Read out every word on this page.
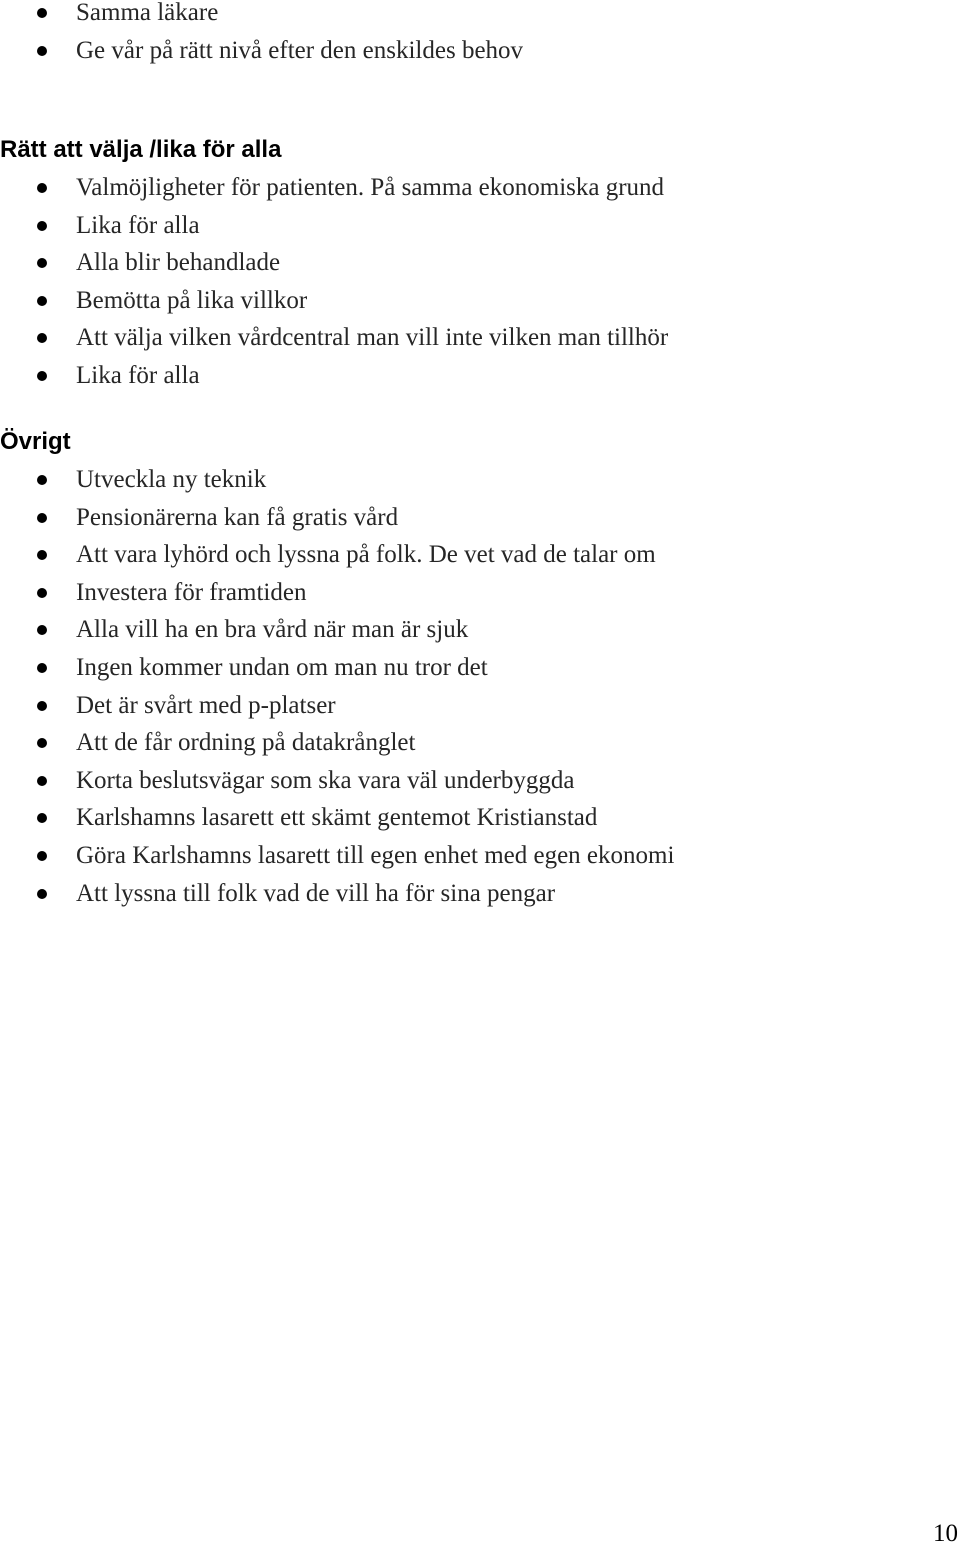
Samma läkare
Ge vår på rätt nivå efter den enskildes behov
Rätt att välja /lika för alla
Valmöjligheter för patienten. På samma ekonomiska grund
Lika för alla
Alla blir behandlade
Bemötta på lika villkor
Att välja vilken vårdcentral man vill inte vilken man tillhör
Lika för alla
Övrigt
Utveckla ny teknik
Pensionärerna kan få gratis vård
Att vara lyhörd och lyssna på folk. De vet vad de talar om
Investera för framtiden
Alla vill ha en bra vård när man är sjuk
Ingen kommer undan om man nu tror det
Det är svårt med p-platser
Att de får ordning på datakrånglet
Korta beslutsvägar som ska vara väl underbyggda
Karlshamns lasarett ett skämt gentemot Kristianstad
Göra Karlshamns lasarett till egen enhet med egen ekonomi
Att lyssna till folk vad de vill ha för sina pengar
10
